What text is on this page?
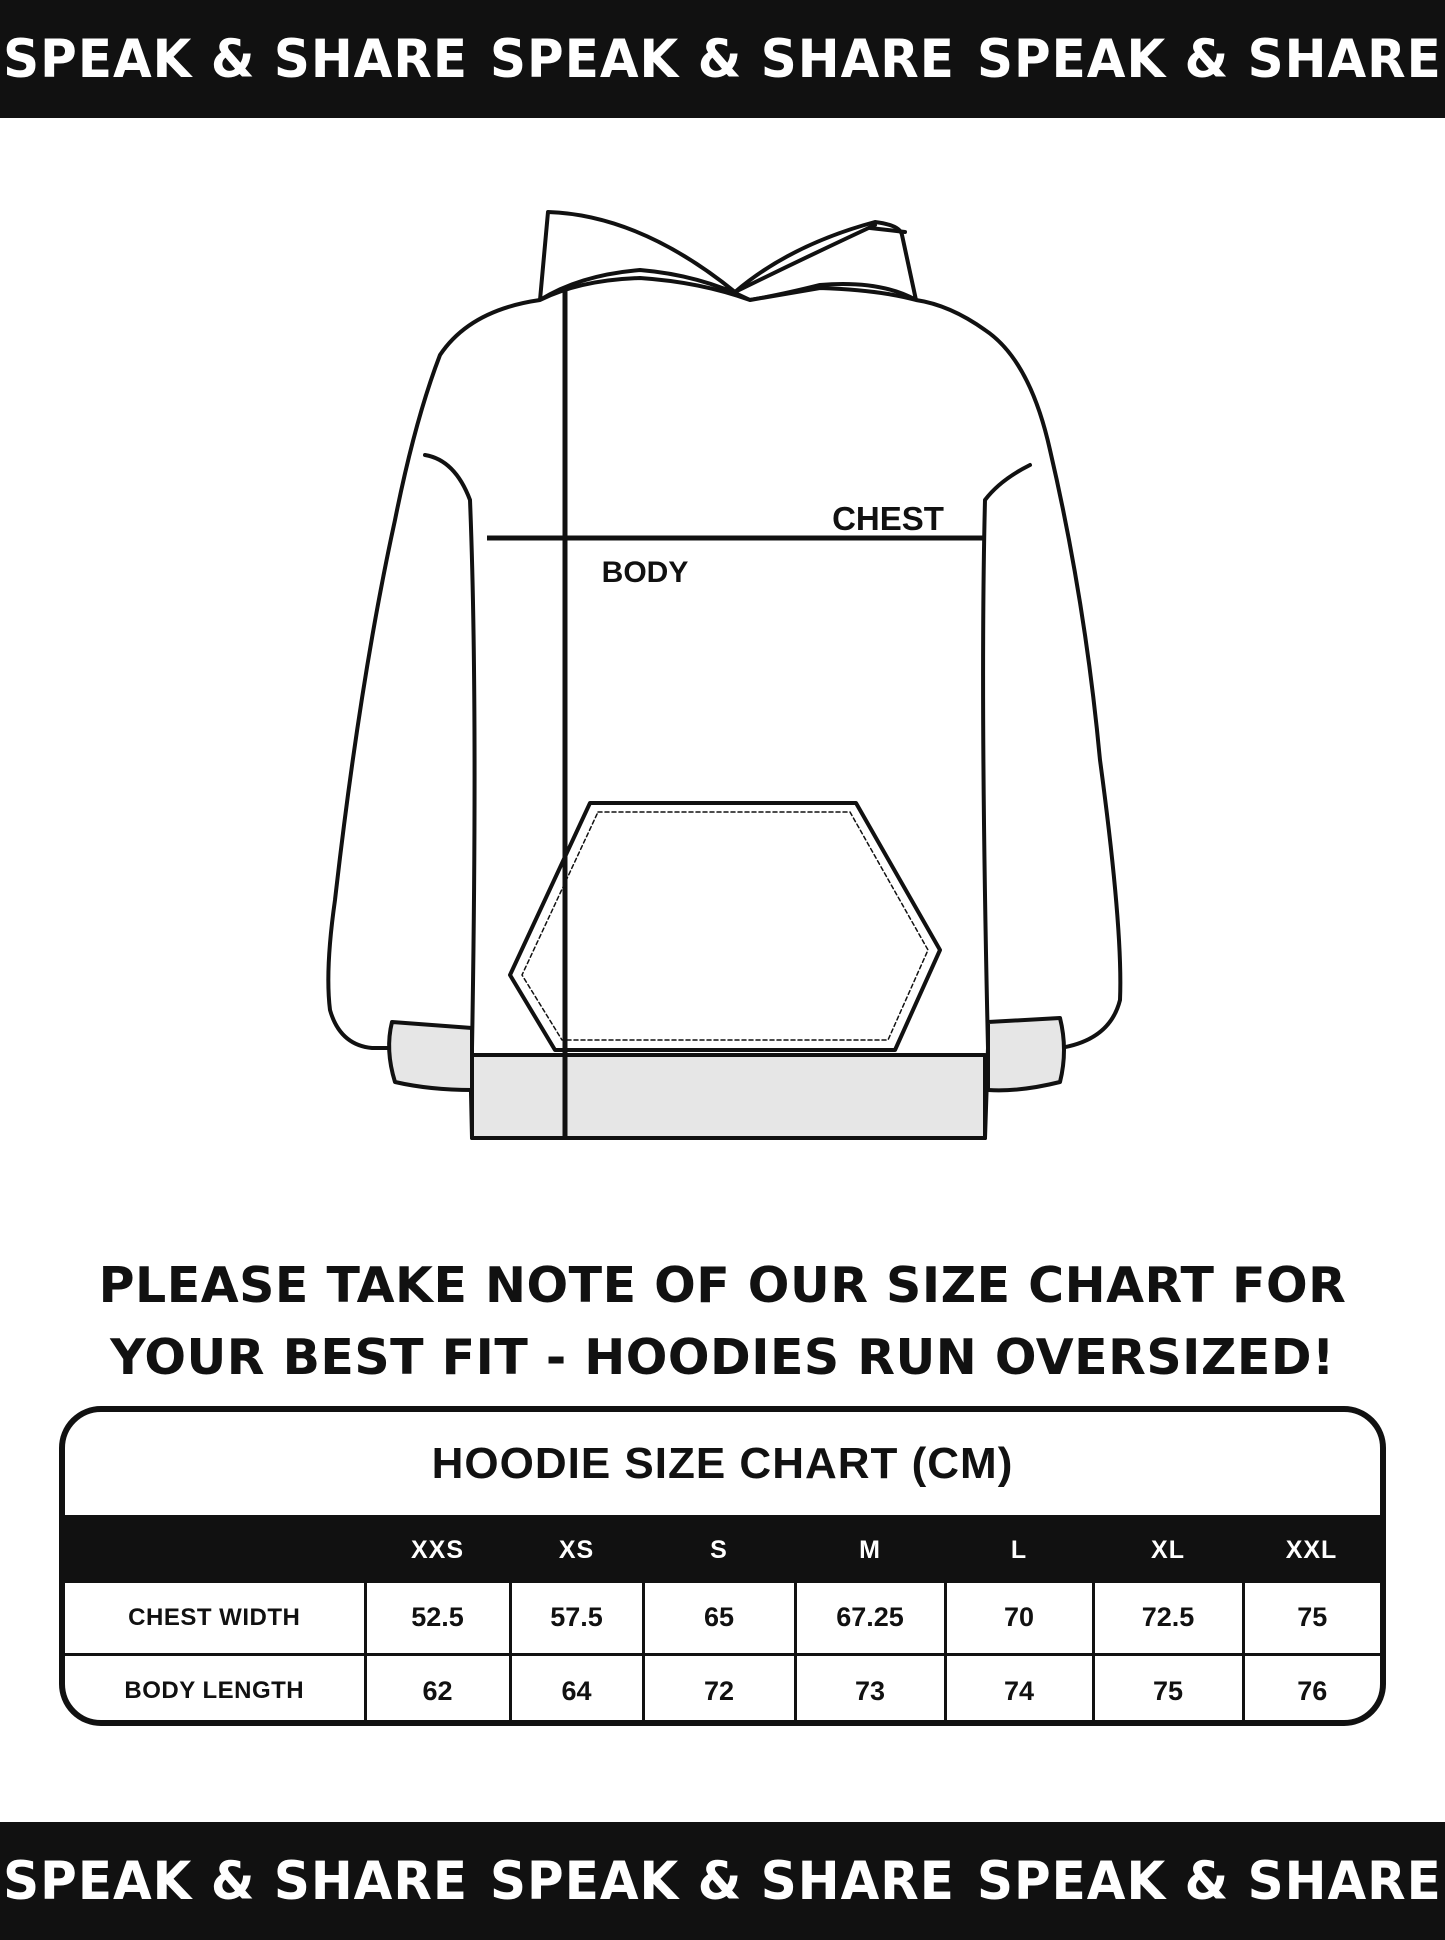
SPEAK & SHARE SPEAK & SHARE SPEAK & SHARE
CHEST
BODY
PLEASE TAKE NOTE OF OUR SIZE CHART FOR
YOUR BEST FIT - HOODIES RUN OVERSIZED!
HOODIE SIZE CHART (CM)
	XXS	XS	S	M	L	XL	XXL
CHEST WIDTH	52.5	57.5	65	67.25	70	72.5	75
BODY LENGTH	62	64	72	73	74	75	76
SPEAK & SHARE SPEAK & SHARE SPEAK & SHARE
